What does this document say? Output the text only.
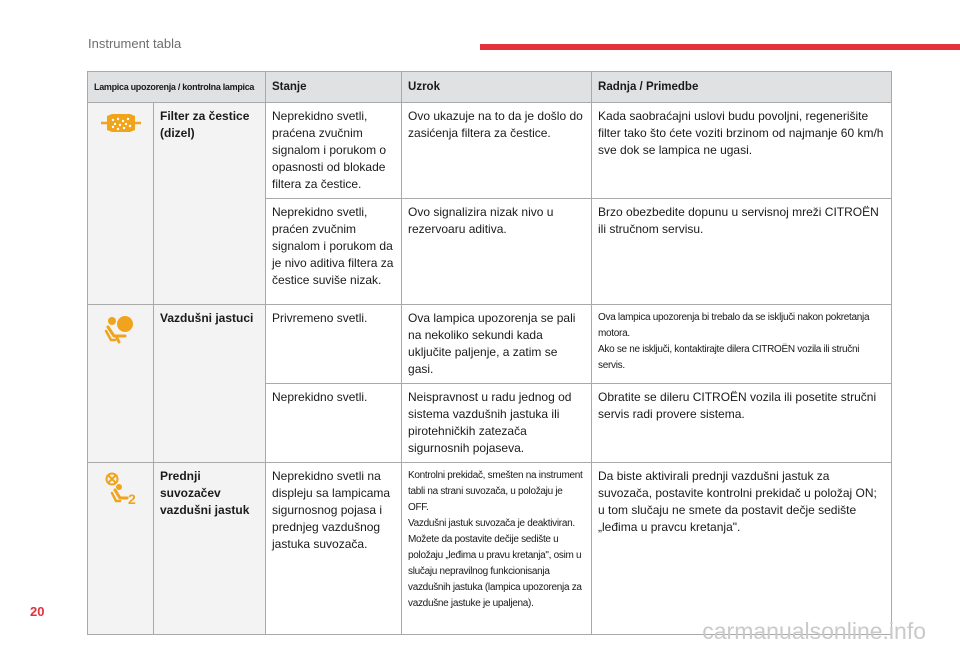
Instrument tabla
Lampica upozorenja / kontrolna lampica		Stanje	Uzrok	Radnja / Primedbe
	Filter za čestice (dizel)	Neprekidno svetli, praćena zvučnim signalom i porukom o opasnosti od blokade filtera za čestice.	Ovo ukazuje na to da je došlo do zasićenja filtera za čestice.	Kada saobraćajni uslovi budu povoljni, regenerišite filter tako što ćete voziti brzinom od najmanje 60 km/h sve dok se lampica ne ugasi.
		Neprekidno svetli, praćen zvučnim signalom i porukom da je nivo aditiva filtera za čestice suviše nizak.	Ovo signalizira nizak nivo u rezervoaru aditiva.	Brzo obezbedite dopunu u servisnoj mreži CITROËN ili stručnom servisu.
	Vazdušni jastuci	Privremeno svetli.	Ova lampica upozorenja se pali na nekoliko sekundi kada uključite paljenje, a zatim se gasi.	Ova lampica upozorenja bi trebalo da se isključi nakon pokretanja motora.
Ako se ne isključi, kontaktirajte dilera CITROËN vozila ili stručni servis.

		Neprekidno svetli.	Neispravnost u radu jednog od sistema vazdušnih jastuka ili pirotehničkih zatezača sigurnosnih pojaseva.	Obratite se dileru CITROËN vozila ili posetite stručni servis radi provere sistema.

2	Prednji suvozačev vazdušni jastuk	Neprekidno svetli na displeju sa lampicama sigurnosnog pojasa i prednjeg vazdušnog jastuka suvozača.	Kontrolni prekidač, smešten na instrument tabli na strani suvozača, u položaju je OFF.
Vazdušni jastuk suvozača je deaktiviran. Možete da postavite dečije sedište u položaju „leđima u pravu kretanja", osim u slučaju nepravilnog funkcionisanja vazdušnih jastuka (lampica upozorenja za vazdušne jastuke je upaljena).	Da biste aktivirali prednji vazdušni jastuk za suvozača, postavite kontrolni prekidač u položaj ON; u tom slučaju ne smete da postavit dečje sedište „leđima u pravcu kretanja".
20
carmanualsonline.info
